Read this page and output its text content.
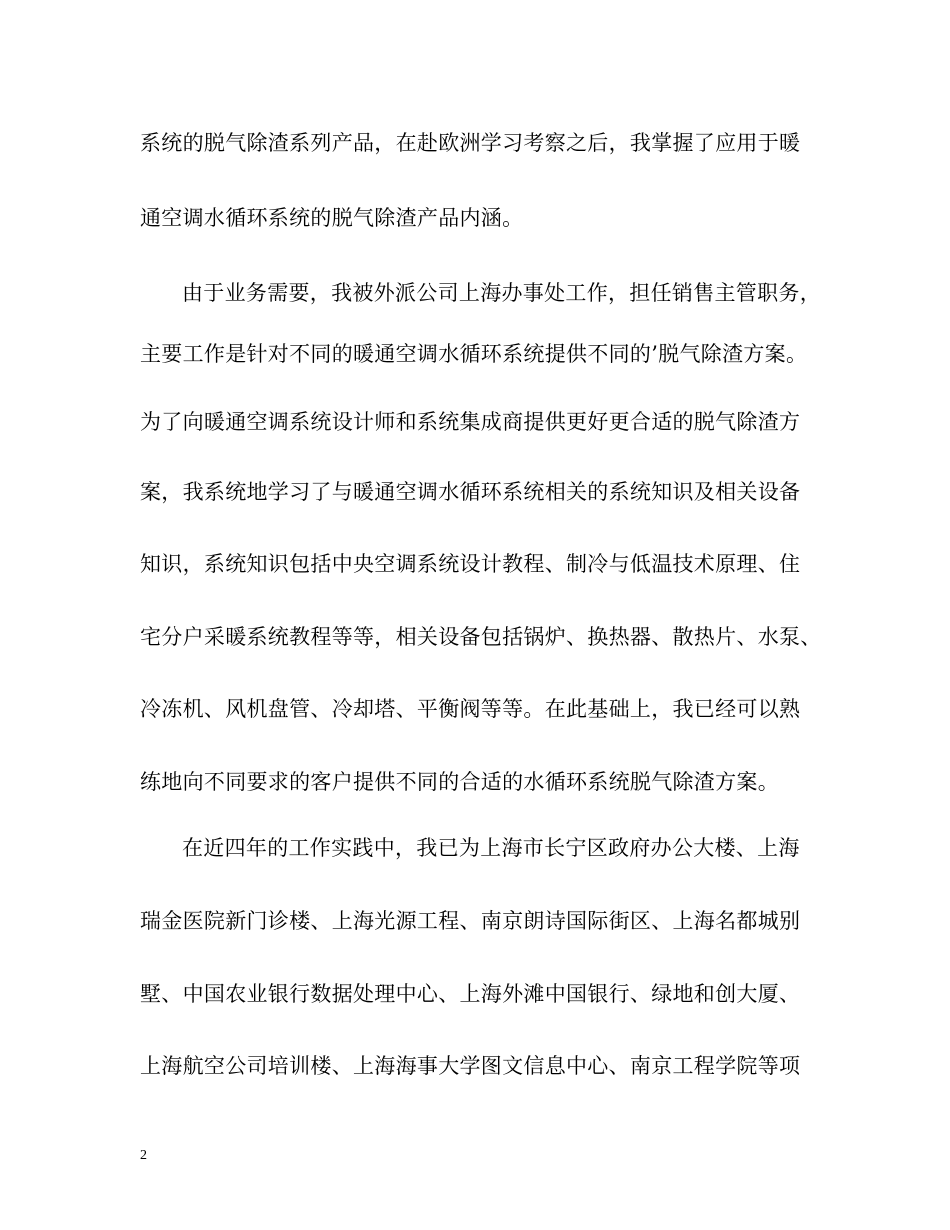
系统的脱气除渣系列产品，在赴欧洲学习考察之后，我掌握了应用于暖
通空调水循环系统的脱气除渣产品内涵。
由于业务需要，我被外派公司上海办事处工作，担任销售主管职务，
主要工作是针对不同的暖通空调水循环系统提供不同的’脱气除渣方案。
为了向暖通空调系统设计师和系统集成商提供更好更合适的脱气除渣方
案，我系统地学习了与暖通空调水循环系统相关的系统知识及相关设备
知识，系统知识包括中央空调系统设计教程、制冷与低温技术原理、住
宅分户采暖系统教程等等，相关设备包括锅炉、换热器、散热片、水泵、
冷冻机、风机盘管、冷却塔、平衡阀等等。在此基础上，我已经可以熟
练地向不同要求的客户提供不同的合适的水循环系统脱气除渣方案。
在近四年的工作实践中，我已为上海市长宁区政府办公大楼、上海
瑞金医院新门诊楼、上海光源工程、南京朗诗国际街区、上海名都城别
墅、中国农业银行数据处理中心、上海外滩中国银行、绿地和创大厦、
上海航空公司培训楼、上海海事大学图文信息中心、南京工程学院等项
2
